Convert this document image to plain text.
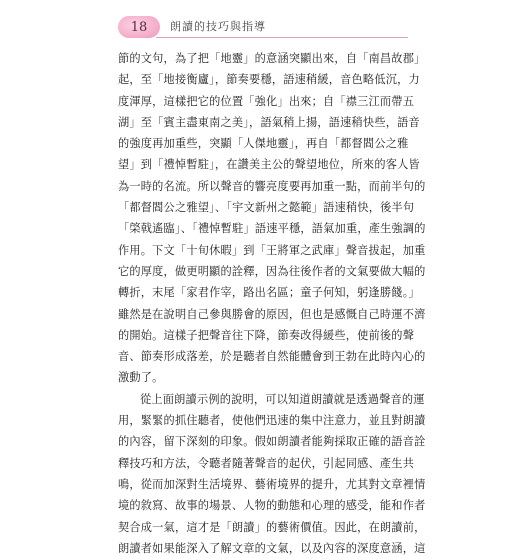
18	朗讀的技巧與指導

節的文句，為了把「地靈」的意涵突顯出來，自「南昌故郡」
起，至「地接衡廬」，節奏要穩，語速稍緩，音色略低沉，力
度渾厚，這樣把它的位置「強化」出來；自「襟三江而帶五
湖」至「賓主盡東南之美」，語氣稍上揚，語速稍快些，語音
的強度再加重些，突顯「人傑地靈」，再自「都督閻公之雅
望」到「禮悼暫駐」，在讚美主公的聲望地位，所來的客人皆
為一時的名流。所以聲音的響亮度要再加重一點，而前半句的
「都督閻公之雅望」、「宇文新州之懿範」語速稍快，後半句
「棨戟遙臨」、「禮悼暫駐」語速平穩，語氣加重，產生強調的
作用。下文「十旬休暇」到「王將軍之武庫」聲音拔起，加重
它的厚度，做更明顯的詮釋，因為往後作者的文氣要做大幅的
轉折，末尾「家君作宰，路出名區；童子何知，躬逢勝餞。」
雖然是在說明自己參與勝會的原因，但也是感慨自己時運不濟
的開始。這樣子把聲音往下降，節奏改得緩些，使前後的聲
音、節奏形成落差，於是聽者自然能體會到王勃在此時內心的
激動了。

從上面朗讀示例的說明，可以知道朗讀就是透過聲音的運
用，緊緊的抓住聽者，使他們迅速的集中注意力，並且對朗讀
的內容，留下深刻的印象。假如朗讀者能夠採取正確的語音詮
釋技巧和方法，令聽者隨著聲音的起伏，引起同感、產生共
鳴，從而加深對生活境界、藝術境界的提升，尤其對文章裡情
境的敘寫、故事的場景、人物的動態和心理的感受，能和作者
契合成一氣，這才是「朗讀」的藝術價值。因此，在朗讀前，
朗讀者如果能深入了解文章的文氣，以及內容的深度意涵，這
